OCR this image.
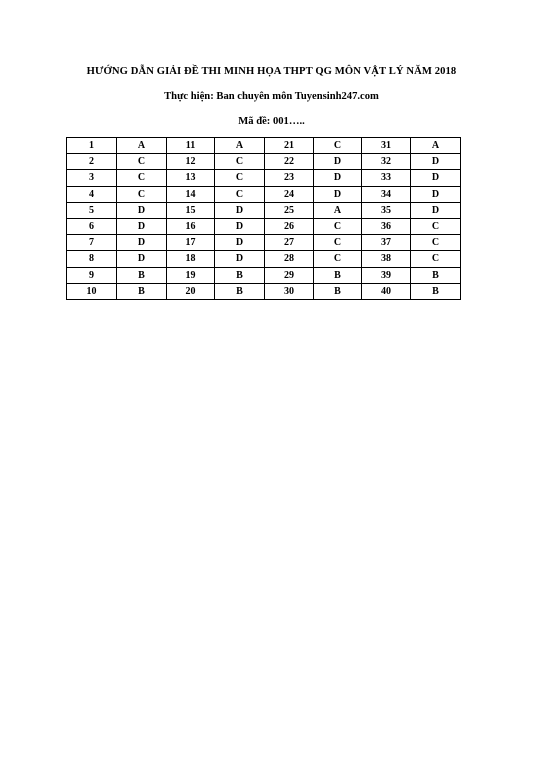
HƯỚNG DẪN GIẢI ĐỀ THI MINH HỌA THPT QG MÔN VẬT LÝ NĂM 2018
Thực hiện: Ban chuyên môn Tuyensinh247.com
Mã đề: 001…..
1	A	11	A	21	C	31	A
2	C	12	C	22	D	32	D
3	C	13	C	23	D	33	D
4	C	14	C	24	D	34	D
5	D	15	D	25	A	35	D
6	D	16	D	26	C	36	C
7	D	17	D	27	C	37	C
8	D	18	D	28	C	38	C
9	B	19	B	29	B	39	B
10	B	20	B	30	B	40	B
